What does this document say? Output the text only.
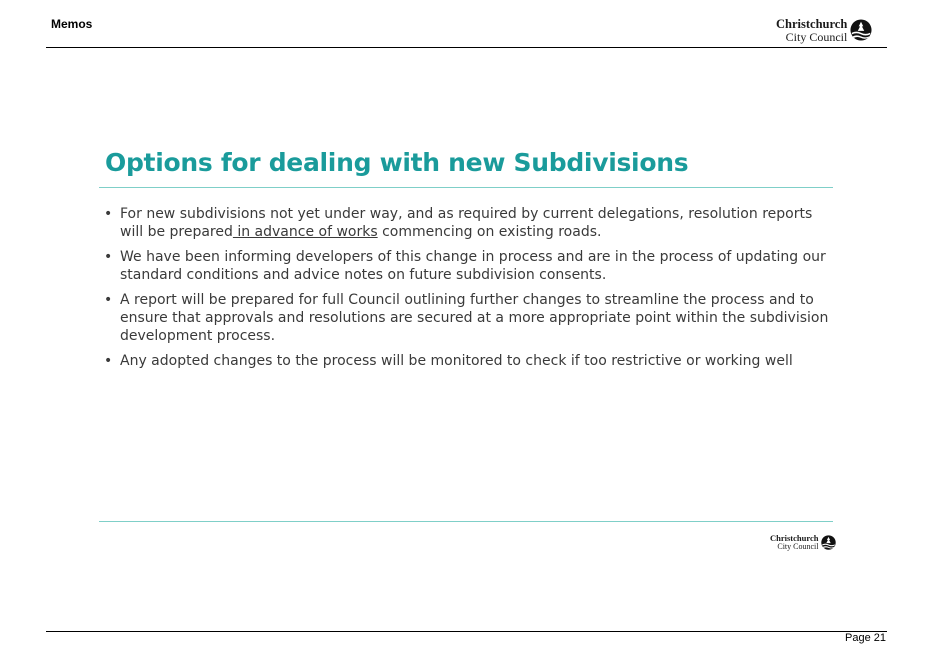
Memos	Christchurch
City Council
Options for dealing with new Subdivisions
• For new subdivisions not yet under way, and as required by current delegations, resolution reports will be prepared in advance of works commencing on existing roads.
• We have been informing developers of this change in process and are in the process of updating our standard conditions and advice notes on future subdivision consents.
• A report will be prepared for full Council outlining further changes to streamline the process and to ensure that approvals and resolutions are secured at a more appropriate point within the subdivision development process.
• Any adopted changes to the process will be monitored to check if too restrictive or working well
Christchurch
City Council
Page 21
